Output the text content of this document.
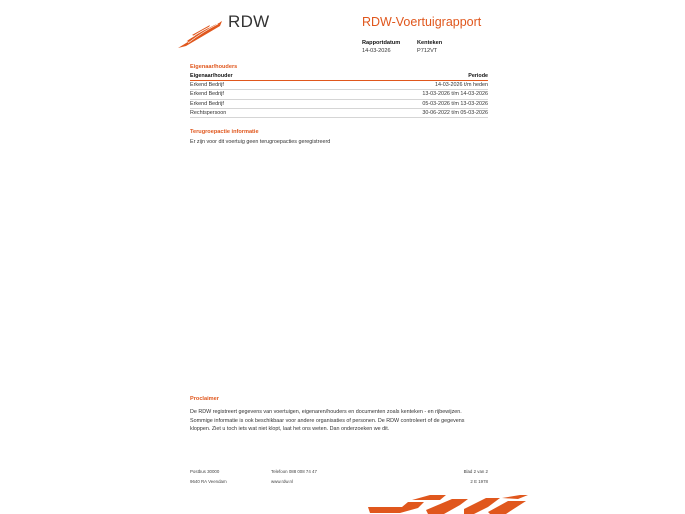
RDW	RDW-Voertuigrapport
Rapportdatum
14-03-2026
Kenteken
P712VT
Eigenaar/houders
Eigenaar/houder	Periode
Erkend Bedrijf	14-03-2026 t/m heden
Erkend Bedrijf	13-03-2026 t/m 14-03-2026
Erkend Bedrijf	05-03-2026 t/m 13-03-2026
Rechtspersoon	30-06-2022 t/m 05-03-2026
Terugroepactie informatie
Er zijn voor dit voertuig geen terugroepacties geregistreerd
Proclaimer
De RDW registreert gegevens van voertuigen, eigenaren/houders en documenten zoals kenteken - en rijbewijzen.
Sommige informatie is ook beschikbaar voor andere organisaties of personen. De RDW controleert of de gegevens
kloppen. Ziet u toch iets wat niet klopt, laat het ons weten. Dan onderzoeken we dit.
Postbus 30000
9640 RA Veendam
Telefoon 088 008 74 47
www.rdw.nl
Blad 2 van 2
2 E 1978
